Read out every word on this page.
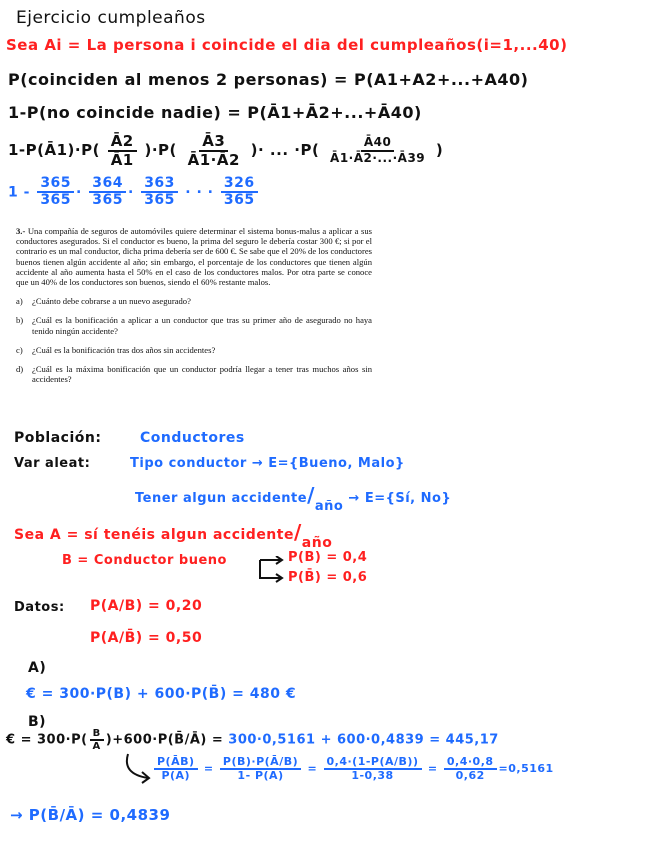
Ejercicio cumpleaños
Sea Ai = La persona i coincide el dia del cumpleaños(i=1,...40)
P(coinciden al menos 2 personas) = P(A1+A2+...+A40)
1-P(no coincide nadie) = P(Ā1+Ā2+...+Ā40)
1-P(Ā1)·P( $\frac{Ā2}{Ā1} )\cdot P( \frac{Ā3}{Ā1\cdot Ā2}$ )· ... $\cdot P( \frac{Ā40}{Ā1\cdot Ā2\cdot...\cdot Ā39}$ )
$1 - \frac{365}{365} \cdot \frac{364}{365} \cdot \frac{363}{365}$ · · · $\frac{326}{365}$

3.- Una compañía de seguros de automóviles quiere determinar el sistema bonus-malus a aplicar a sus conductores asegurados. Si el conductor es bueno, la prima del seguro le debería costar 300 €; si por el contrario es un mal conductor, dicha prima debería ser de 600 €. Se sabe que el 20% de los conductores buenos tienen algún accidente al año; sin embargo, el porcentaje de los conductores que tienen algún accidente al año aumenta hasta el 50% en el caso de los conductores malos. Por otra parte se conoce que un 40% de los conductores son buenos, siendo el 60% restante malos.

a) ¿Cuánto debe cobrarse a un nuevo asegurado?

b) ¿Cuál es la bonificación a aplicar a un conductor que tras su primer año de asegurado no haya tenido ningún accidente?

c) ¿Cuál es la bonificación tras dos años sin accidentes?

d) ¿Cuál es la máxima bonificación que un conductor podría llegar a tener tras muchos años sin accidentes?

Población:	Conductores
Var aleat:	Tipo conductor → E={Bueno, Malo}
Tener algun accidente/año → E={Sí, No}
Sea A = sí tenéis algun accidente/año
B = Conductor bueno	P(B) = 0,4
P(B̄) = 0,6
Datos: P(A/B) = 0,20
P(A/B̄) = 0,50
A)
€ = 300·P(B) + 600·P(B̄) = 480 €
B)
€ = $300\cdot P( \frac{B}{Ā}$ )+600·P(B̄/Ā) = 300·0,5161 + 600·0,4839 = 445,17
$\frac{P(ĀB)}{P(Ā)} = \frac{P(B)\cdot P(Ā/B)}{1- P(A)} = \frac{0,4\cdot(1-P(A/B))}{1-0,38} = \frac{0,4\cdot 0,8}{0,62} =0,5161$
→ P(B̄/Ā) = 0,4839
